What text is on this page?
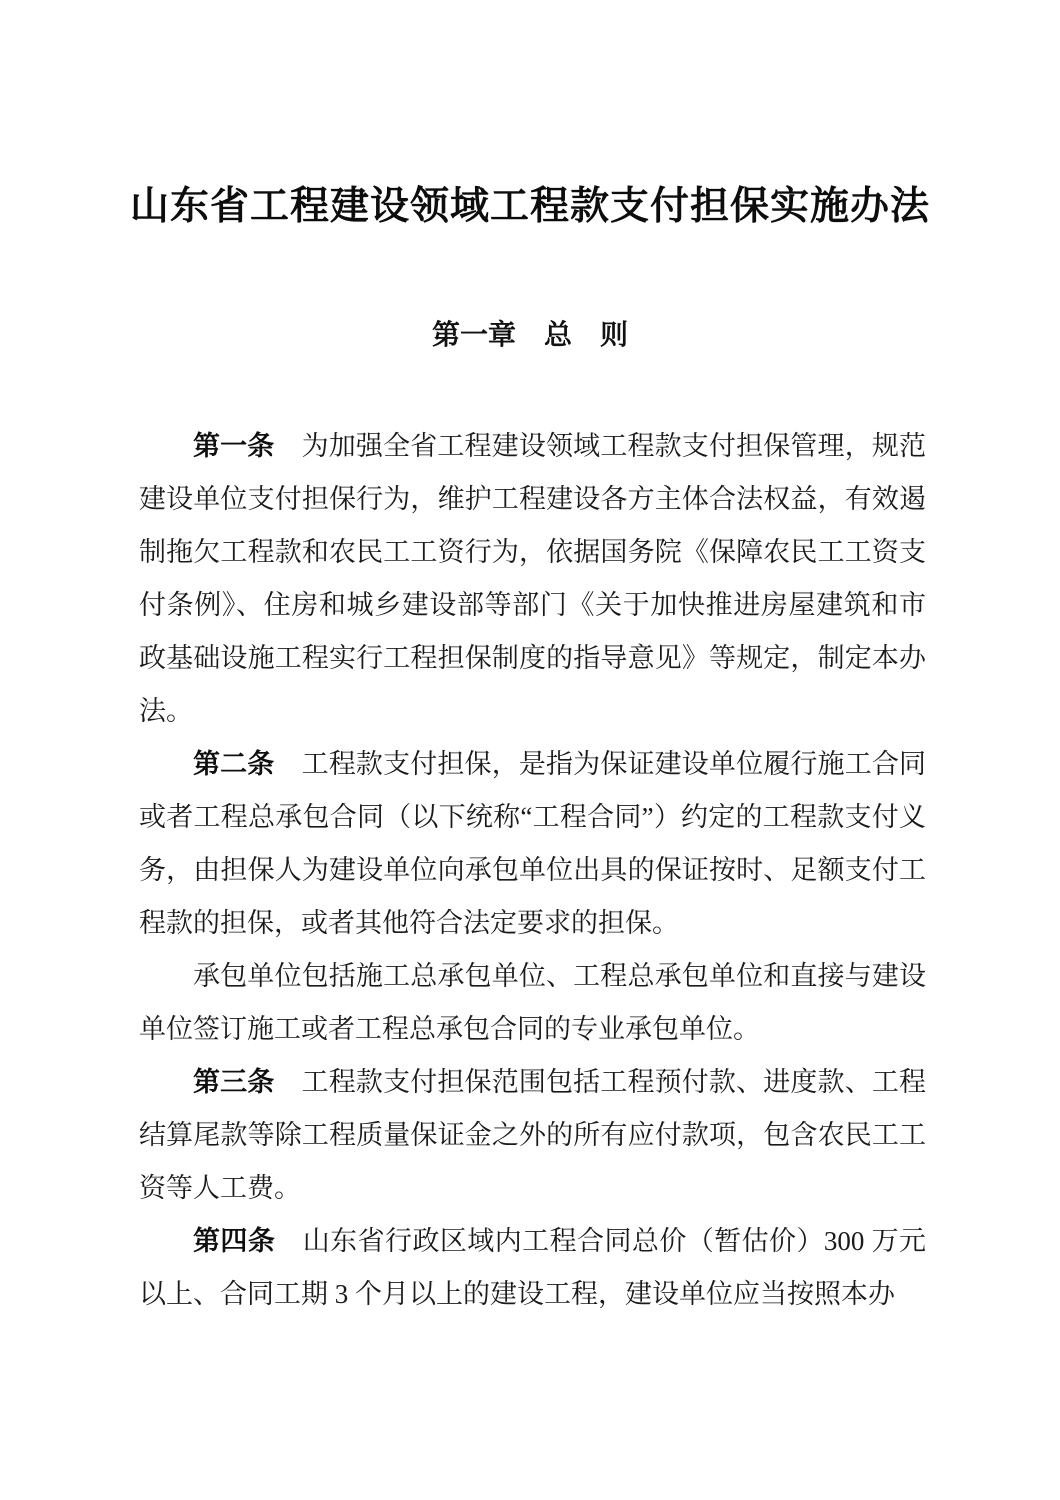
山东省工程建设领域工程款支付担保实施办法
第一章　总　则

第一条　为加强全省工程建设领域工程款支付担保管理，规范建设单位支付担保行为，维护工程建设各方主体合法权益，有效遏制拖欠工程款和农民工工资行为，依据国务院《保障农民工工资支付条例》、住房和城乡建设部等部门《关于加快推进房屋建筑和市政基础设施工程实行工程担保制度的指导意见》等规定，制定本办法。

第二条　工程款支付担保，是指为保证建设单位履行施工合同或者工程总承包合同（以下统称“工程合同”）约定的工程款支付义务，由担保人为建设单位向承包单位出具的保证按时、足额支付工程款的担保，或者其他符合法定要求的担保。

承包单位包括施工总承包单位、工程总承包单位和直接与建设单位签订施工或者工程总承包合同的专业承包单位。

第三条　工程款支付担保范围包括工程预付款、进度款、工程结算尾款等除工程质量保证金之外的所有应付款项，包含农民工工资等人工费。

第四条　山东省行政区域内工程合同总价（暂估价）300 万元以上、合同工期 3 个月以上的建设工程，建设单位应当按照本办
